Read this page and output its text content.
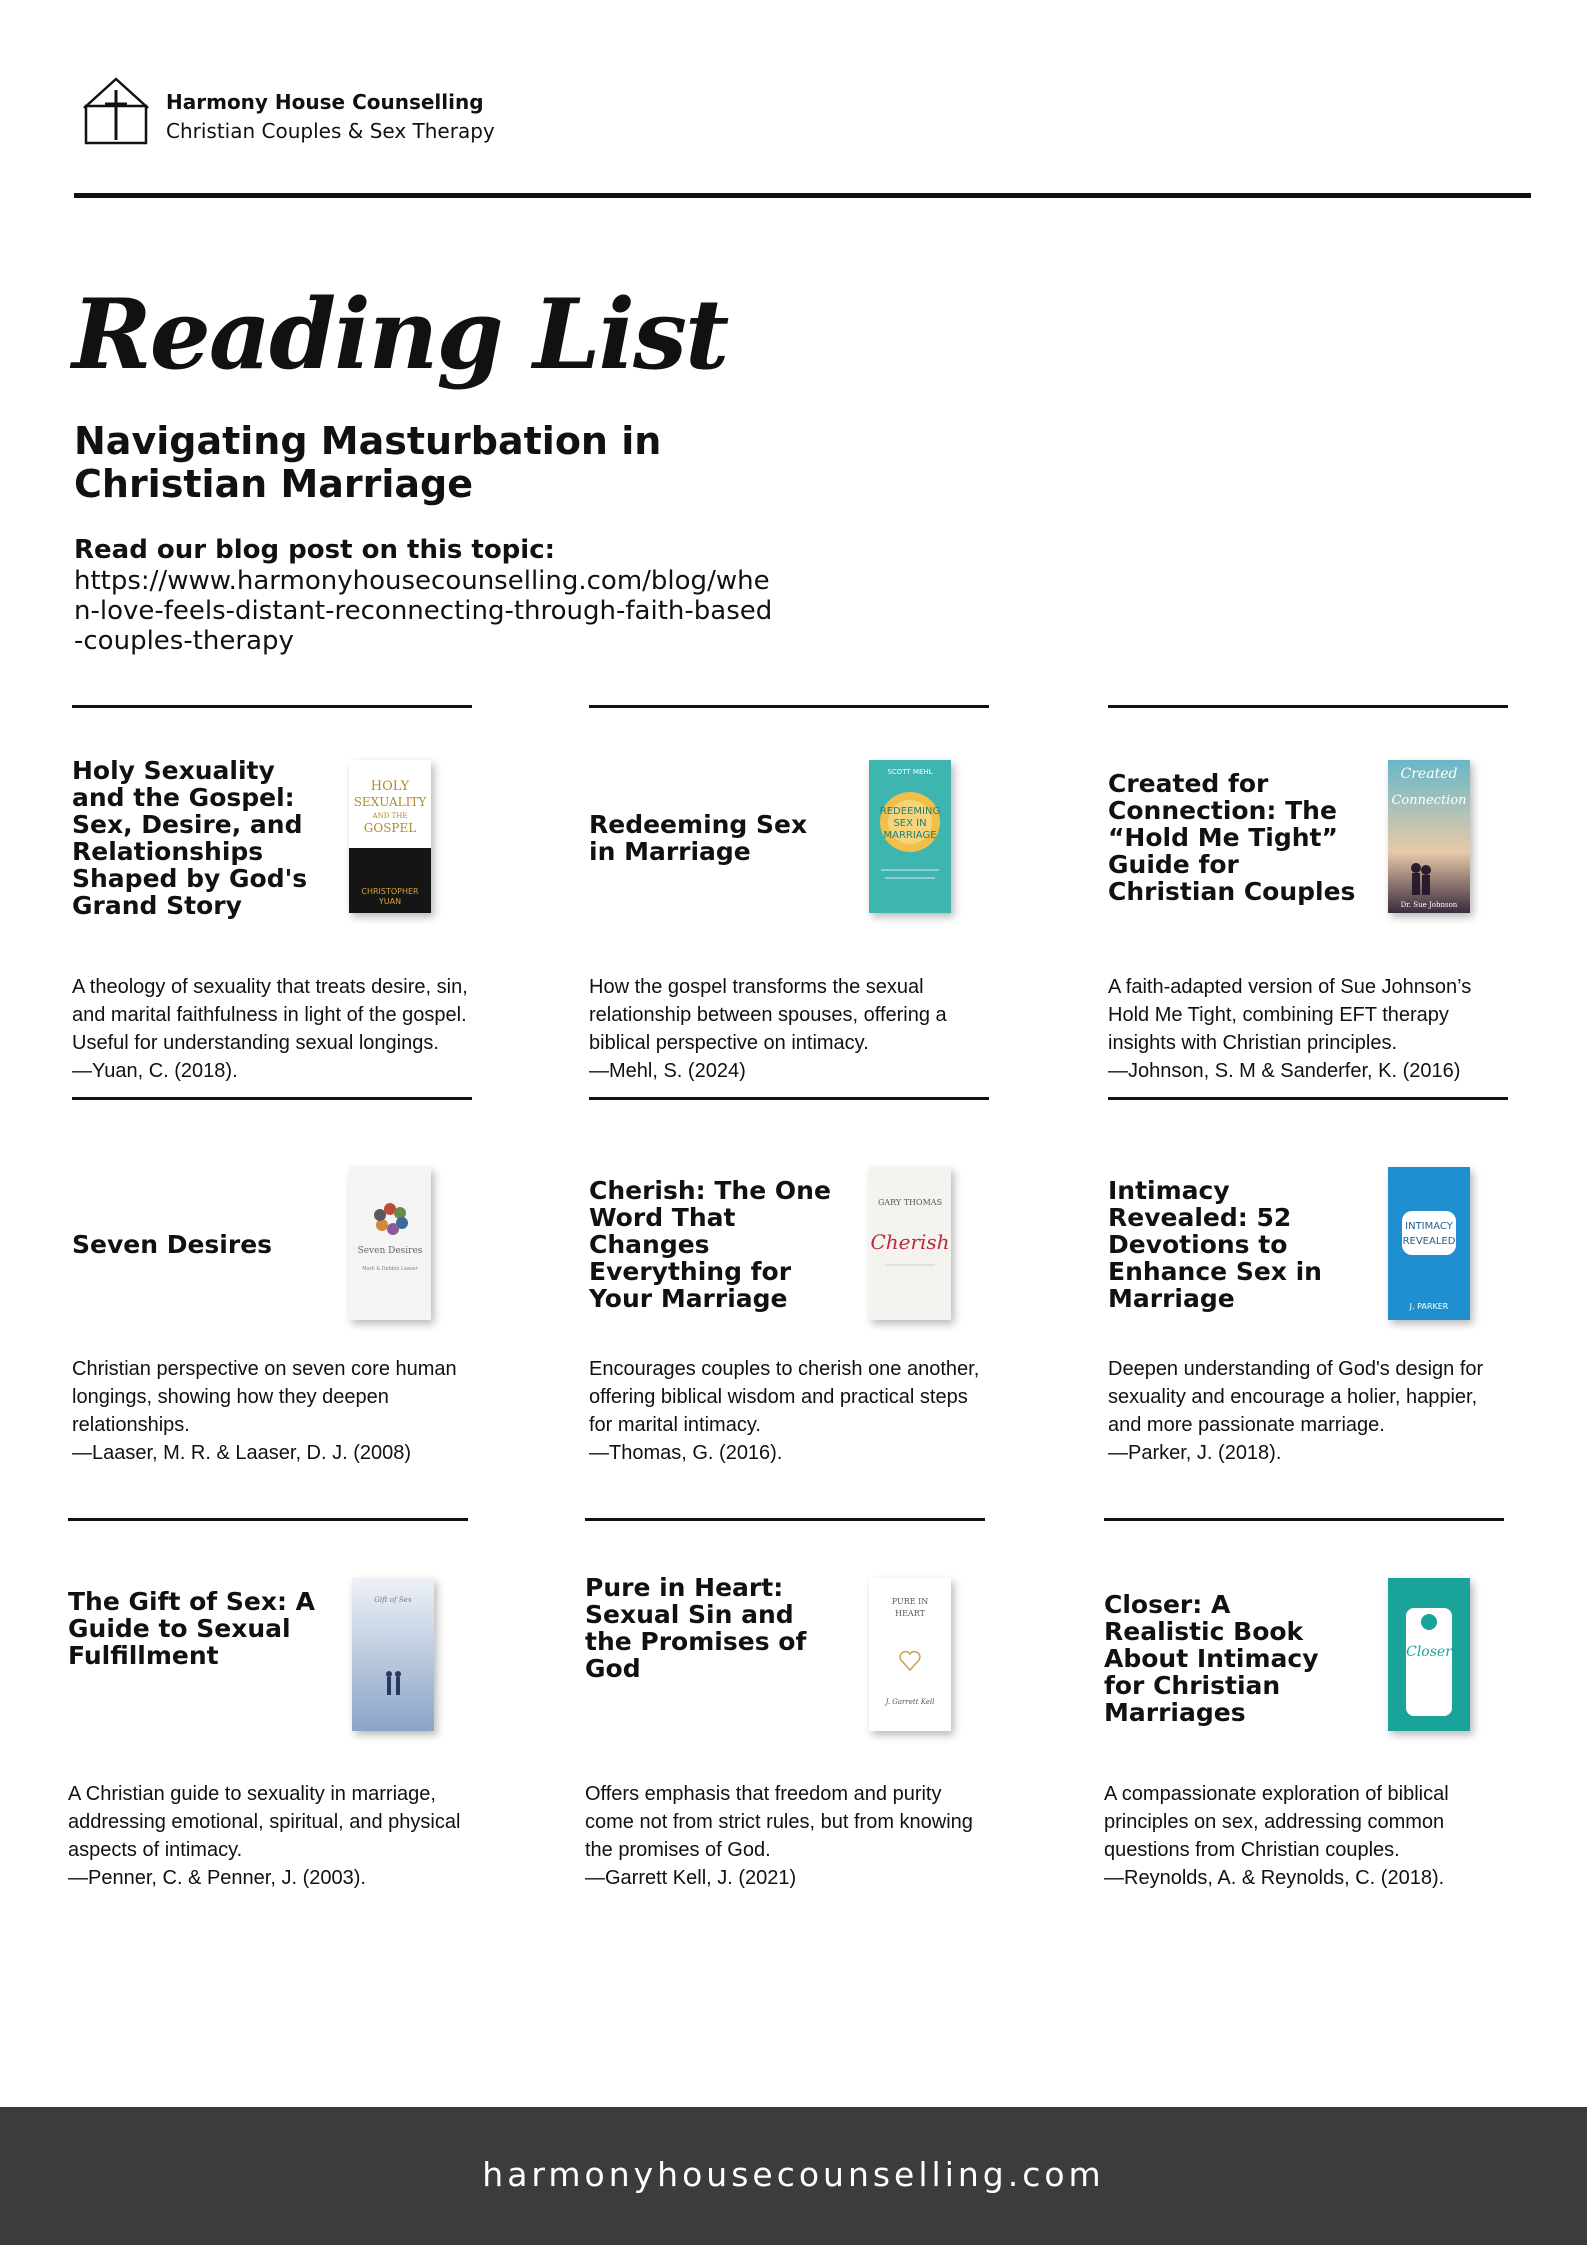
Harmony House Counselling
Christian Couples & Sex Therapy
Reading List
Navigating Masturbation in Christian Marriage
Read our blog post on this topic:
https://www.harmonyhousecounselling.com/blog/when-love-feels-distant-reconnecting-through-faith-based-couples-therapy
Holy Sexuality and the Gospel: Sex, Desire, and Relationships Shaped by God's Grand Story
HOLY
SEXUALITY
AND THE
GOSPEL
CHRISTOPHER
YUAN
A theology of sexuality that treats desire, sin, and marital faithfulness in light of the gospel. Useful for understanding sexual longings.
—Yuan, C. (2018).
Redeeming Sex in Marriage
SCOTT MEHL
REDEEMING
SEX IN
MARRIAGE
How the gospel transforms the sexual relationship between spouses, offering a biblical perspective on intimacy.
—Mehl, S. (2024)
Created for Connection: The “Hold Me Tight” Guide for Christian Couples
Created
Connection
Dr. Sue Johnson
A faith-adapted version of Sue Johnson’s Hold Me Tight, combining EFT therapy insights with Christian principles.
—Johnson, S. M & Sanderfer, K. (2016)
Seven Desires	Seven Desires
Mark & Debbie Laaser
Christian perspective on seven core human longings, showing how they deepen relationships.
—Laaser, M. R. & Laaser, D. J. (2008)
Cherish: The One Word That Changes Everything for Your Marriage
GARY THOMAS
Cherish
Encourages couples to cherish one another, offering biblical wisdom and practical steps for marital intimacy.
—Thomas, G. (2016).
Intimacy Revealed: 52 Devotions to Enhance Sex in Marriage
INTIMACY
REVEALED
J. PARKER
Deepen understanding of God's design for sexuality and encourage a holier, happier, and more passionate marriage.
—Parker, J. (2018).
The Gift of Sex: A Guide to Sexual Fulfillment
Gift of Sex
A Christian guide to sexuality in marriage, addressing emotional, spiritual, and physical aspects of intimacy.
—Penner, C. & Penner, J. (2003).
Pure in Heart: Sexual Sin and the Promises of God
PURE IN
HEART
J. Garrett Kell
Offers emphasis that freedom and purity come not from strict rules, but from knowing the promises of God.
—Garrett Kell, J. (2021)
Closer: A Realistic Book About Intimacy for Christian Marriages
Closer
A compassionate exploration of biblical principles on sex, addressing common questions from Christian couples.
—Reynolds, A. & Reynolds, C. (2018).
harmonyhousecounselling.com
